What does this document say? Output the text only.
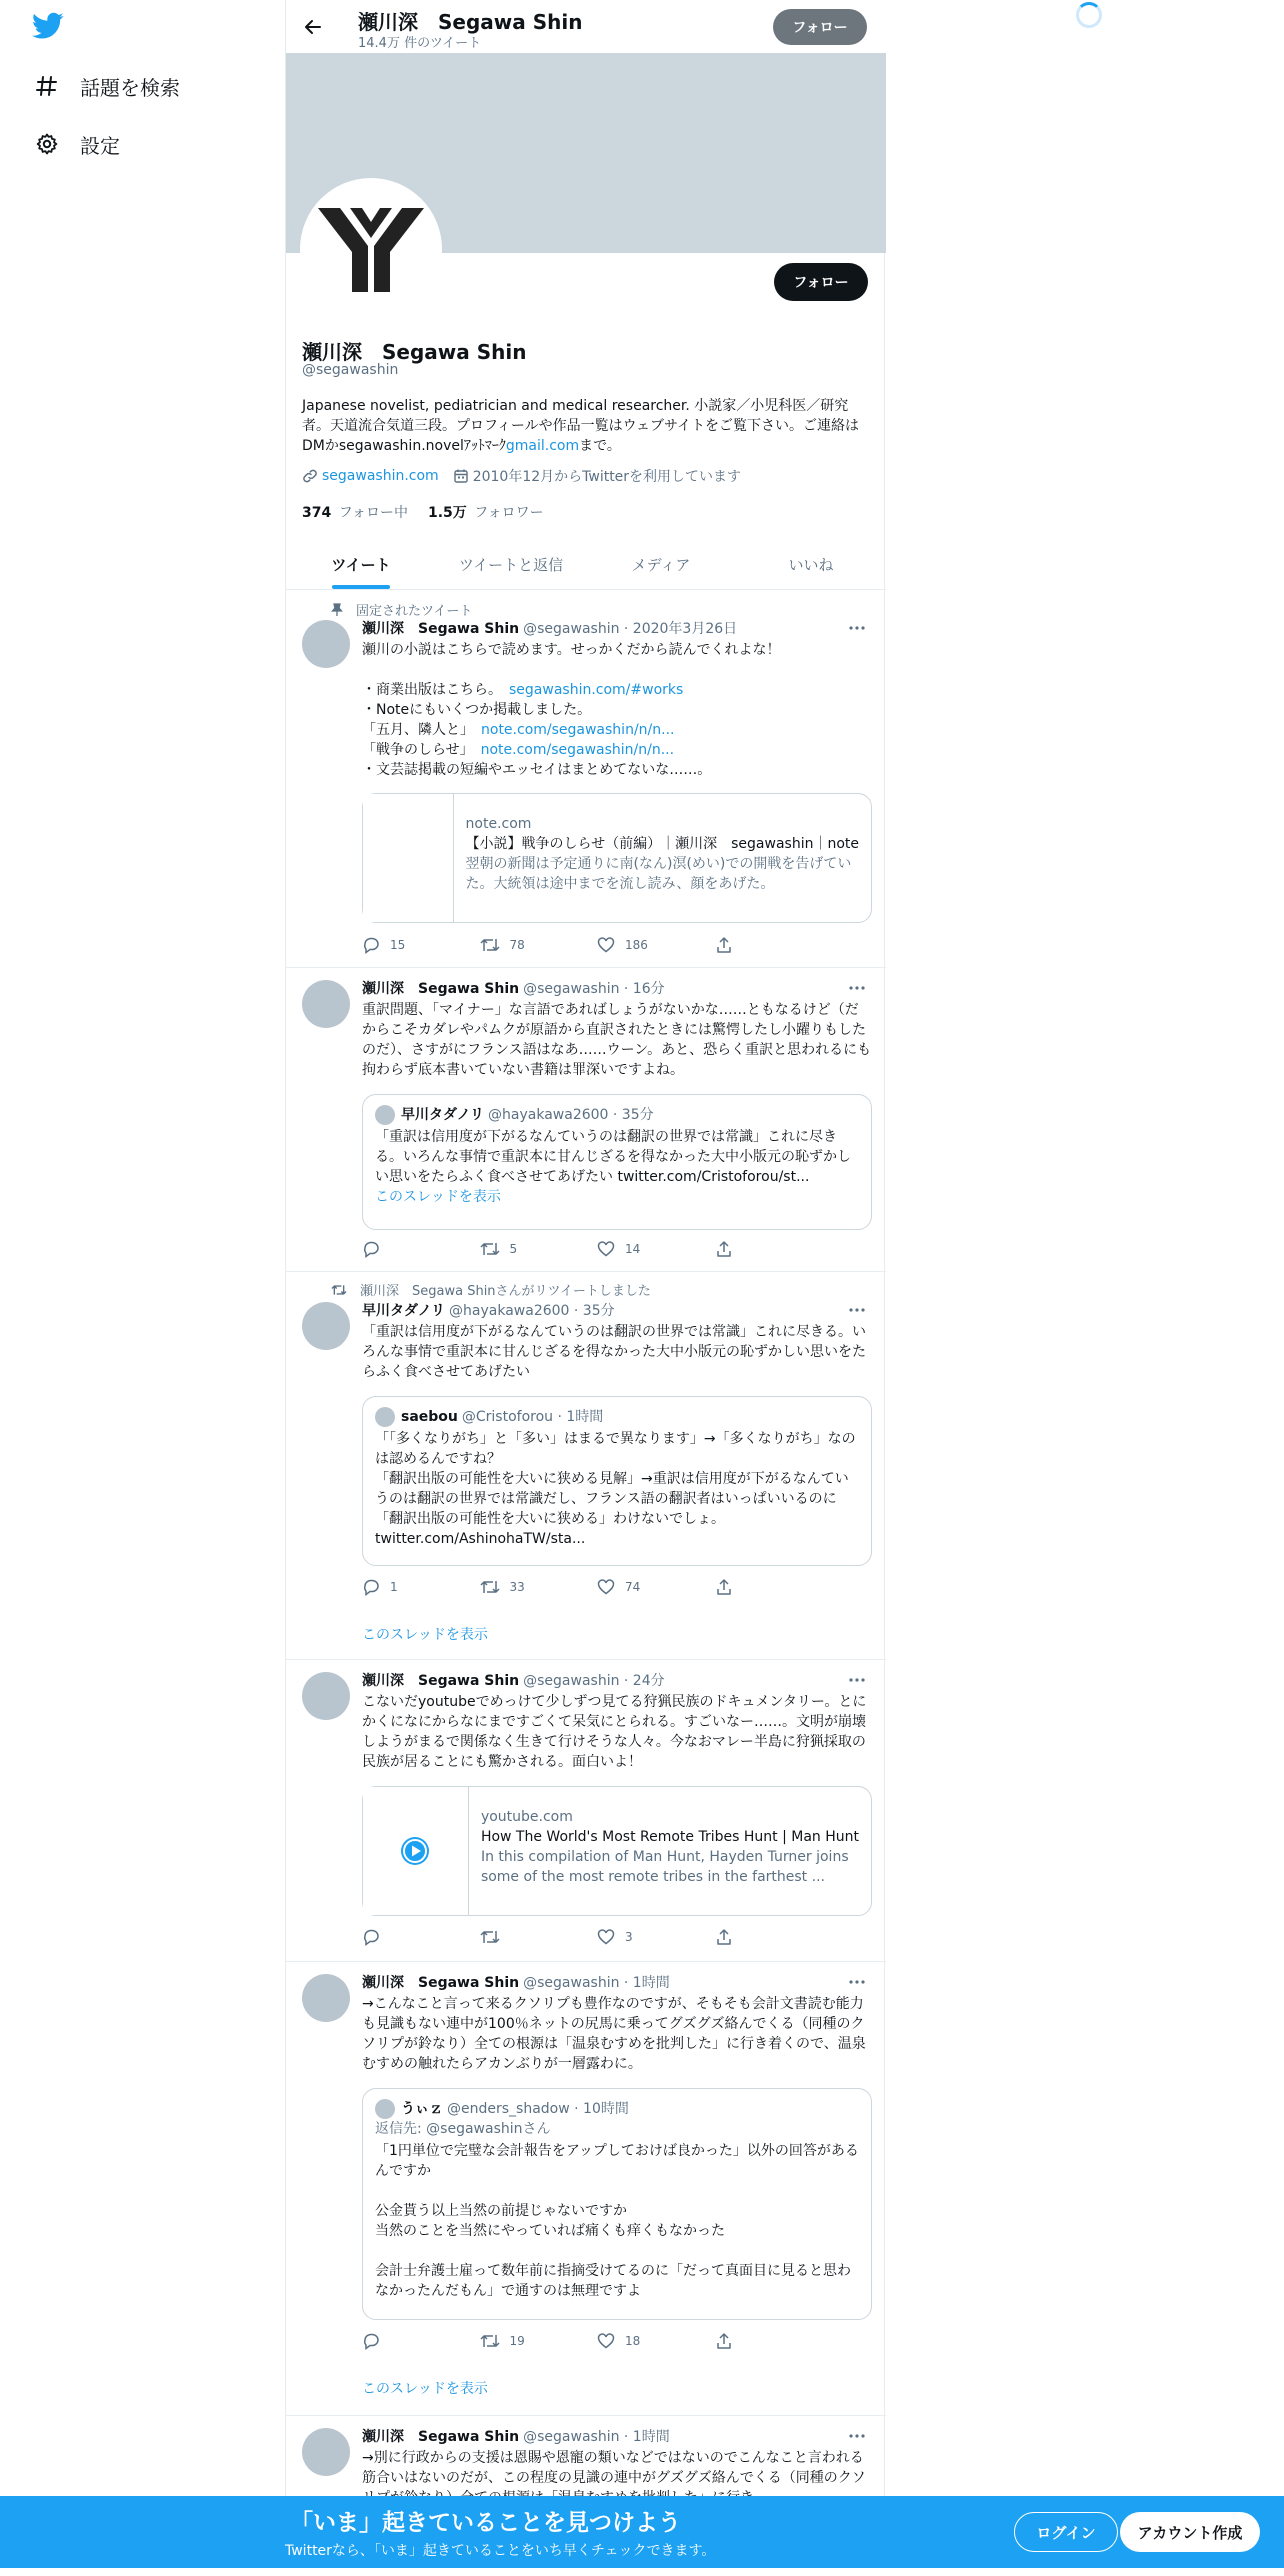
話題を検索
設定
瀬川深　Segawa Shin
14.4万 件のツイート
フォロー
フォロー
瀬川深　Segawa Shin
@segawashin
Japanese novelist, pediatrician and medical researcher. 小説家／小児科医／研究者。天道流合気道三段。プロフィールや作品一覧はウェブサイトをご覧下さい。ご連絡はDMかsegawashin.novelｱｯﾄﾏｰｸgmail.comまで。
segawashin.com 2010年12月からTwitterを利用しています
374 フォロー中 1.5万 フォロワー
ツイート	ツイートと返信	メディア	いいね
固定されたツイート
瀬川深　Segawa Shin @segawashin · 2020年3月26日
瀬川の小説はこちらで読めます。せっかくだから読んでくれよな！
・商業出版はこちら。　segawashin.com/#works
・Noteにもいくつか掲載しました。
「五月、隣人と」　note.com/segawashin/n/n...
「戦争のしらせ」　note.com/segawashin/n/n...
・文芸誌掲載の短編やエッセイはまとめてないな……。
note.com
【小説】戦争のしらせ（前編）｜瀬川深　segawashin｜note
翌朝の新聞は予定通りに南(なん)溟(めい)での開戦を告げていた。大統領は途中までを流し読み、顔をあげた。
15	78	186
瀬川深　Segawa Shin @segawashin · 16分
重訳問題、「マイナー」な言語であればしょうがないかな……ともなるけど（だからこそカダレやパムクが原語から直訳されたときには驚愕したし小躍りもしたのだ）、さすがにフランス語はなあ……ウーン。あと、恐らく重訳と思われるにも拘わらず底本書いていない書籍は罪深いですよね。
早川タダノリ @hayakawa2600 · 35分
「重訳は信用度が下がるなんていうのは翻訳の世界では常識」これに尽きる。いろんな事情で重訳本に甘んじざるを得なかった大中小版元の恥ずかしい思いをたらふく食べさせてあげたい twitter.com/Cristoforou/st...
このスレッドを表示
5	14
瀬川深　Segawa Shinさんがリツイートしました
早川タダノリ @hayakawa2600 · 35分
「重訳は信用度が下がるなんていうのは翻訳の世界では常識」これに尽きる。いろんな事情で重訳本に甘んじざるを得なかった大中小版元の恥ずかしい思いをたらふく食べさせてあげたい
saebou @Cristoforou · 1時間
「「多くなりがち」と「多い」はまるで異なります」→「多くなりがち」なのは認めるんですね？
「翻訳出版の可能性を大いに狭める見解」→重訳は信用度が下がるなんていうのは翻訳の世界では常識だし、フランス語の翻訳者はいっぱいいるのに「翻訳出版の可能性を大いに狭める」わけないでしょ。
twitter.com/AshinohaTW/sta...
1	33	74
このスレッドを表示
瀬川深　Segawa Shin @segawashin · 24分
こないだyoutubeでめっけて少しずつ見てる狩猟民族のドキュメンタリー。とにかくになにからなにまですごくて呆気にとられる。すごいなー……。文明が崩壊しようがまるで関係なく生きて行けそうな人々。今なおマレー半島に狩猟採取の民族が居ることにも驚かされる。面白いよ！
youtube.com
How The World's Most Remote Tribes Hunt | Man Hunt
In this compilation of Man Hunt, Hayden Turner joins some of the most remote tribes in the farthest ...
3
瀬川深　Segawa Shin @segawashin · 1時間
→こんなこと言って来るクソリプも豊作なのですが、そもそも会計文書読む能力も見識もない連中が100％ネットの尻馬に乗ってグズグズ絡んでくる（同種のクソリプが鈴なり）全ての根源は「温泉むすめを批判した」に行き着くので、温泉むすめの触れたらアカンぶりが一層露わに。
うぃｚ @enders_shadow · 10時間
返信先: @segawashinさん
「1円単位で完璧な会計報告をアップしておけば良かった」以外の回答があるんですか

公金貰う以上当然の前提じゃないですか
当然のことを当然にやっていれば痛くも痒くもなかった

会計士弁護士雇って数年前に指摘受けてるのに「だって真面目に見ると思わなかったんだもん」で通すのは無理ですよ
19	18
このスレッドを表示
瀬川深　Segawa Shin @segawashin · 1時間
→別に行政からの支援は恩賜や恩寵の類いなどではないのでこんなこと言われる筋合いはないのだが、この程度の見識の連中がグズグズ絡んでくる（同種のクソ
「いま」起きていることを見つけよう
Twitterなら、「いま」起きていることをいち早くチェックできます。
ログイン	アカウント作成
